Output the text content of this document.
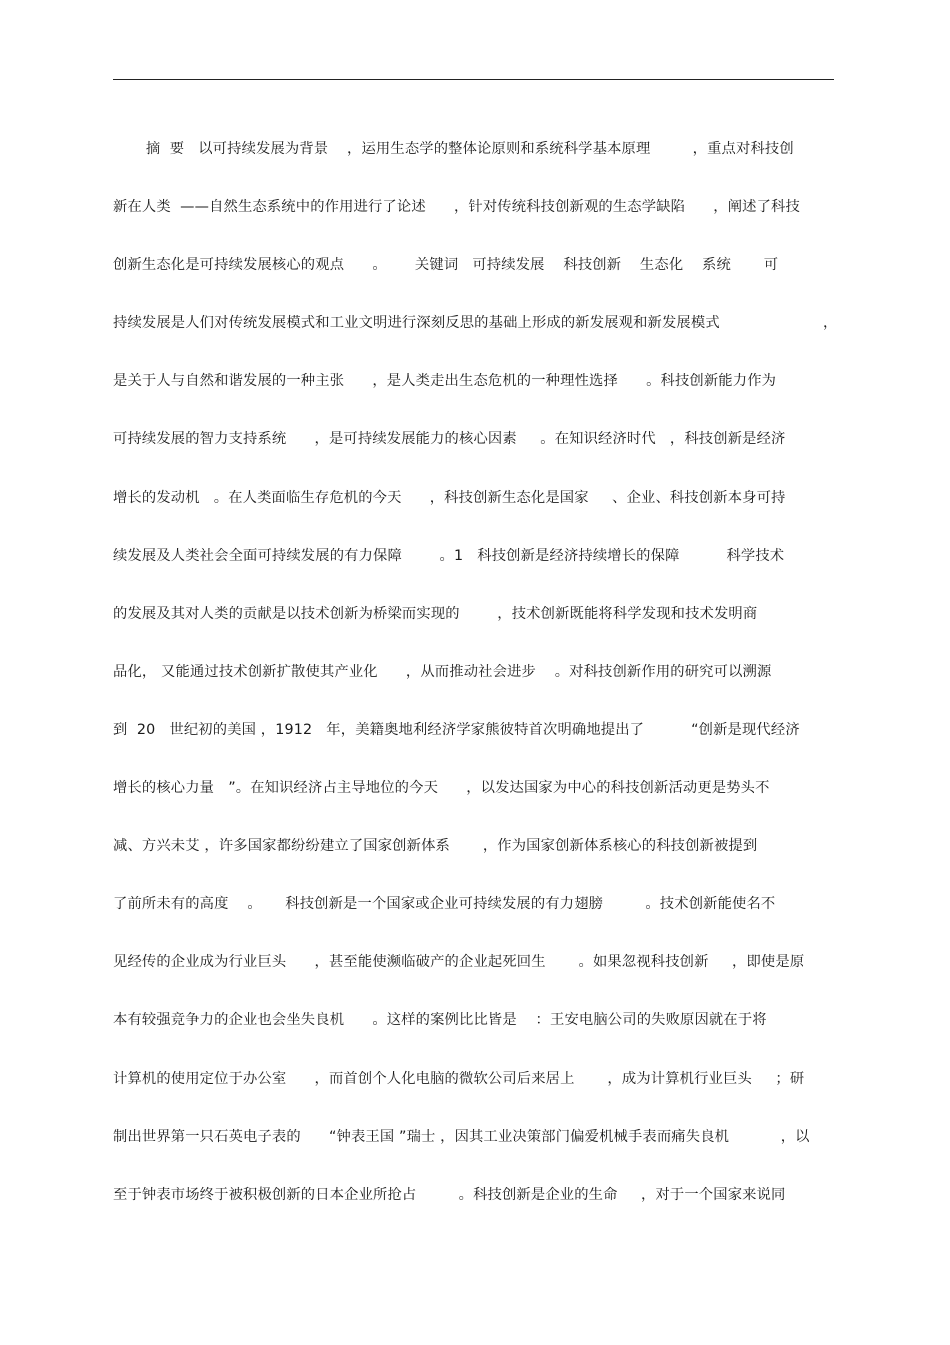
摘  要   以可持续发展为背景    ，运用生态学的整体论原则和系统科学基本原理         ，重点对科技创
新在人类  ——自然生态系统中的作用进行了论述      ，针对传统科技创新观的生态学缺陷      ，阐述了科技
创新生态化是可持续发展核心的观点      。      关键词   可持续发展    科技创新    生态化    系统       可
持续发展是人们对传统发展模式和工业文明进行深刻反思的基础上形成的新发展观和新发展模式                      ，
是关于人与自然和谐发展的一种主张      ，是人类走出生态危机的一种理性选择      。科技创新能力作为
可持续发展的智力支持系统      ，是可持续发展能力的核心因素     。在知识经济时代   ，科技创新是经济
增长的发动机   。在人类面临生存危机的今天      ，科技创新生态化是国家     、企业、科技创新本身可持
续发展及人类社会全面可持续发展的有力保障        。1   科技创新是经济持续增长的保障          科学技术
的发展及其对人类的贡献是以技术创新为桥梁而实现的        ，技术创新既能将科学发现和技术发明商
品化， 又能通过技术创新扩散使其产业化      ，从而推动社会进步    。对科技创新作用的研究可以溯源
到  20   世纪初的美国 ，1912   年，美籍奥地利经济学家熊彼特首次明确地提出了          “创新是现代经济
增长的核心力量   ”。在知识经济占主导地位的今天      ，以发达国家为中心的科技创新活动更是势头不
减、方兴未艾 ，许多国家都纷纷建立了国家创新体系       ，作为国家创新体系核心的科技创新被提到
了前所未有的高度    。     科技创新是一个国家或企业可持续发展的有力翅膀         。技术创新能使名不
见经传的企业成为行业巨头      ，甚至能使濒临破产的企业起死回生       。如果忽视科技创新     ，即使是原
本有较强竞争力的企业也会坐失良机      。这样的案例比比皆是    ：王安电脑公司的失败原因就在于将
计算机的使用定位于办公室      ，而首创个人化电脑的微软公司后来居上       ，成为计算机行业巨头     ；研
制出世界第一只石英电子表的      “钟表王国 ”瑞士 ，因其工业决策部门偏爱机械手表而痛失良机           ，以
至于钟表市场终于被积极创新的日本企业所抢占         。科技创新是企业的生命     ，对于一个国家来说同
